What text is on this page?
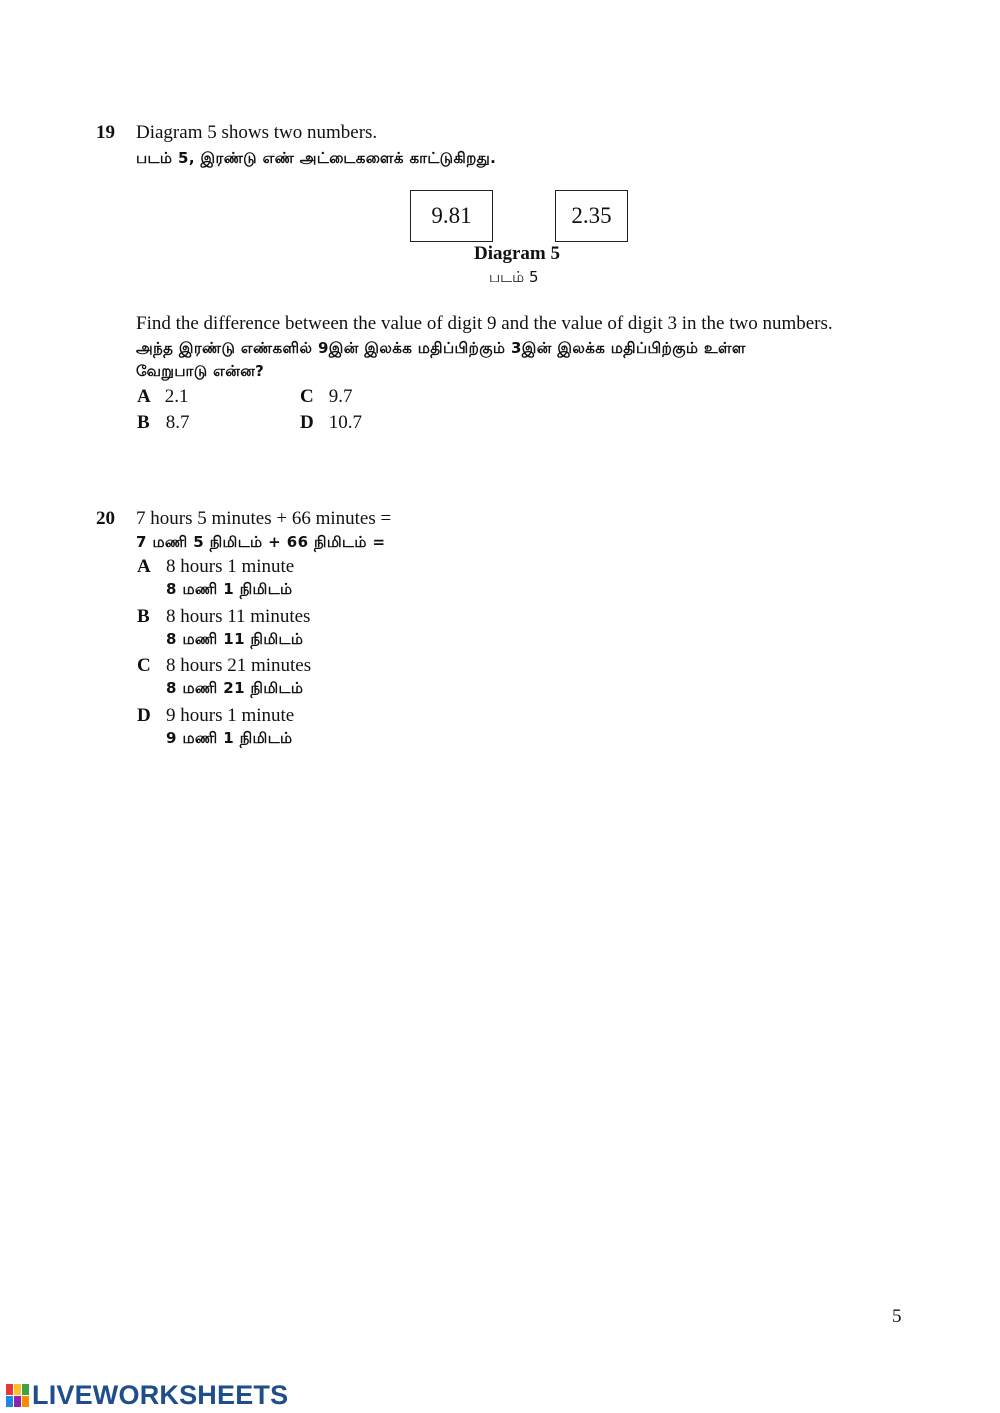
19 Diagram 5 shows two numbers.
படம் 5, இரண்டு எண் அட்டைகளைக் காட்டுகிறது.
9.81	2.35
Diagram 5
படம் 5
Find the difference between the value of digit 9 and the value of digit 3 in the two numbers.
அந்த இரண்டு எண்களில் 9இன் இலக்க மதிப்பிற்கும் 3இன் இலக்க மதிப்பிற்கும் உள்ள
வேறுபாடு என்ன?
A 2.1
B 8.7
C 9.7
D 10.7
20 7 hours 5 minutes + 66 minutes =
7 மணி 5 நிமிடம் + 66 நிமிடம் =
A 8 hours 1 minute
8 மணி 1 நிமிடம்
B 8 hours 11 minutes
8 மணி 11 நிமிடம்
C 8 hours 21 minutes
8 மணி 21 நிமிடம்
D 9 hours 1 minute
9 மணி 1 நிமிடம்
5
LIVEWORKSHEETS
